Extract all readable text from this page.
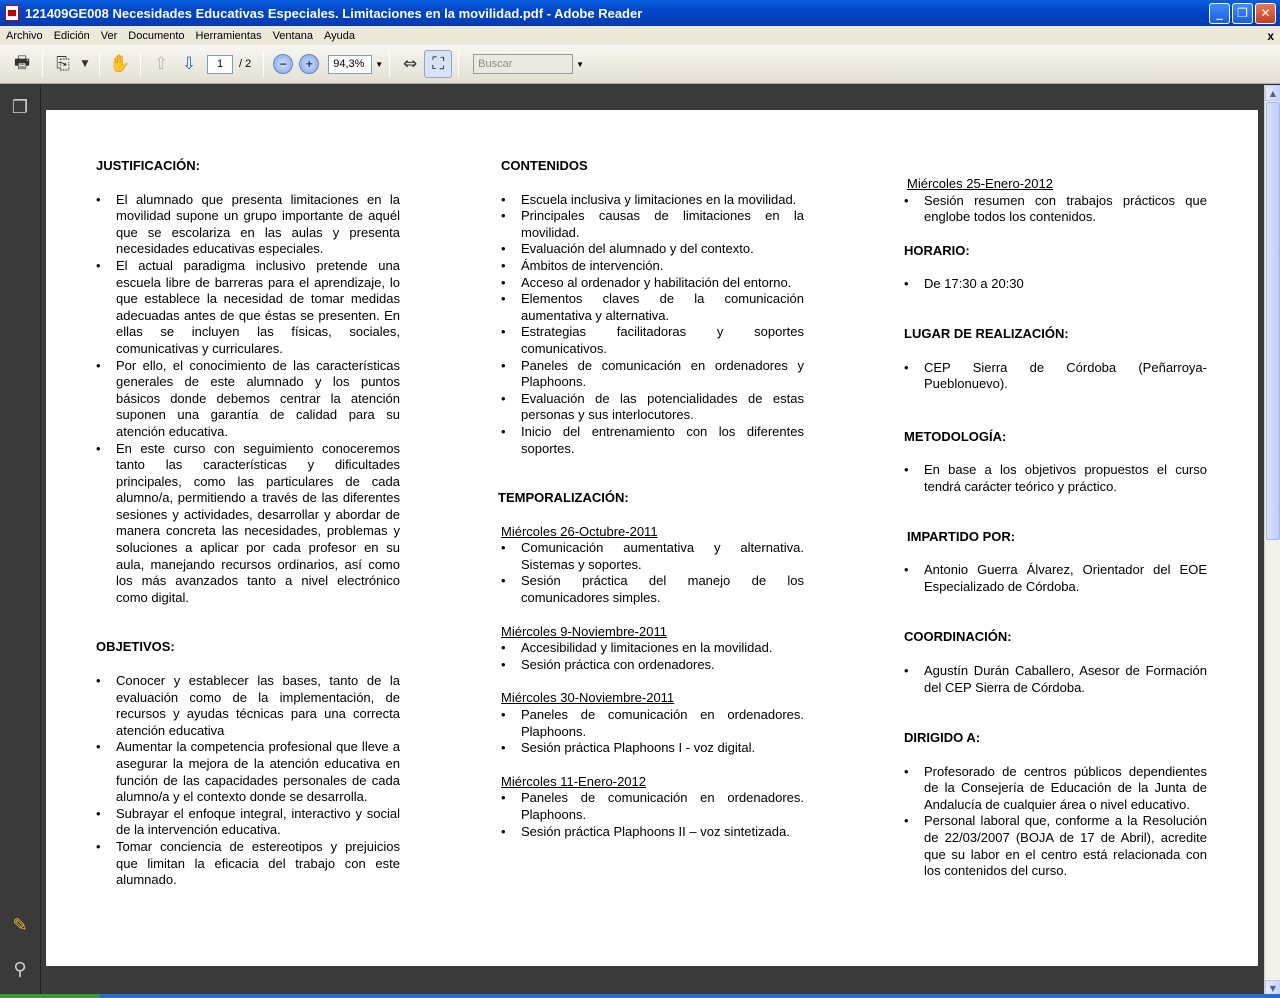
121409GE008 Necesidades Educativas Especiales. Limitaciones en la movilidad.pdf - Adobe Reader	_	❐	✕
Archivo	Edición	Ver	Documento	Herramientas	Ventana	Ayuda	x
🖶	⎘	▼ ✋	⇧ ⇩	1	/ 2	−	+	94,3%	▼	⇔ ⛶	Buscar	▼
❐
✎
⚲
JUSTIFICACIÓN:
• El alumnado que presenta limitaciones en la movilidad supone un grupo importante de aquél que se escolariza en las aulas y presenta necesidades educativas especiales.
• El actual paradigma inclusivo pretende una escuela libre de barreras para el aprendizaje, lo que establece la necesidad de tomar medidas adecuadas antes de que éstas se presenten. En ellas se incluyen las físicas, sociales, comunicativas y curriculares.
• Por ello, el conocimiento de las características generales de este alumnado y los puntos básicos donde debemos centrar la atención suponen una garantía de calidad para su atención educativa.
• En este curso con seguimiento conoceremos tanto las características y dificultades principales, como las particulares de cada alumno/a, permitiendo a través de las diferentes sesiones y actividades, desarrollar y abordar de manera concreta las necesidades, problemas y soluciones a aplicar por cada profesor en su aula, manejando recursos ordinarios, así como los más avanzados tanto a nivel electrónico como digital.
OBJETIVOS:
• Conocer y establecer las bases, tanto de la evaluación como de la implementación, de recursos y ayudas técnicas para una correcta atención educativa
• Aumentar la competencia profesional que lleve a asegurar la mejora de la atención educativa en función de las capacidades personales de cada alumno/a y el contexto donde se desarrolla.
• Subrayar el enfoque integral, interactivo y social de la intervención educativa.
• Tomar conciencia de estereotipos y prejuicios que limitan la eficacia del trabajo con este alumnado.
CONTENIDOS
• Escuela inclusiva y limitaciones en la movilidad.
• Principales causas de limitaciones en la movilidad.
• Evaluación del alumnado y del contexto.
• Ámbitos de intervención.
• Acceso al ordenador y habilitación del entorno.
• Elementos claves de la comunicación aumentativa y alternativa.
• Estrategias facilitadoras y soportes comunicativos.
• Paneles de comunicación en ordenadores y Plaphoons.
• Evaluación de las potencialidades de estas personas y sus interlocutores.
• Inicio del entrenamiento con los diferentes soportes.
TEMPORALIZACIÓN:
Miércoles 26-Octubre-2011
• Comunicación aumentativa y alternativa. Sistemas y soportes.
• Sesión práctica del manejo de los comunicadores simples.
Miércoles 9-Noviembre-2011
• Accesibilidad y limitaciones en la movilidad.
• Sesión práctica con ordenadores.
Miércoles 30-Noviembre-2011
• Paneles de comunicación en ordenadores. Plaphoons.
• Sesión práctica Plaphoons I - voz digital.
Miércoles 11-Enero-2012
• Paneles de comunicación en ordenadores. Plaphoons.
• Sesión práctica Plaphoons II – voz sintetizada.
Miércoles 25-Enero-2012
• Sesión resumen con trabajos prácticos que englobe todos los contenidos.
HORARIO:
• De 17:30 a 20:30
LUGAR DE REALIZACIÓN:
• CEP Sierra de Córdoba (Peñarroya-Pueblonuevo).
METODOLOGÍA:
• En base a los objetivos propuestos el curso tendrá carácter teórico y práctico.
IMPARTIDO POR:
• Antonio Guerra Álvarez, Orientador del EOE Especializado de Córdoba.
COORDINACIÓN:
• Agustín Durán Caballero, Asesor de Formación del CEP Sierra de Córdoba.
DIRIGIDO A:
• Profesorado de centros públicos dependientes de la Consejería de Educación de la Junta de Andalucía de cualquier área o nivel educativo.
• Personal laboral que, conforme a la Resolución de 22/03/2007 (BOJA de 17 de Abril), acredite que su labor en el centro está relacionada con los contenidos del curso.
▲
▼
